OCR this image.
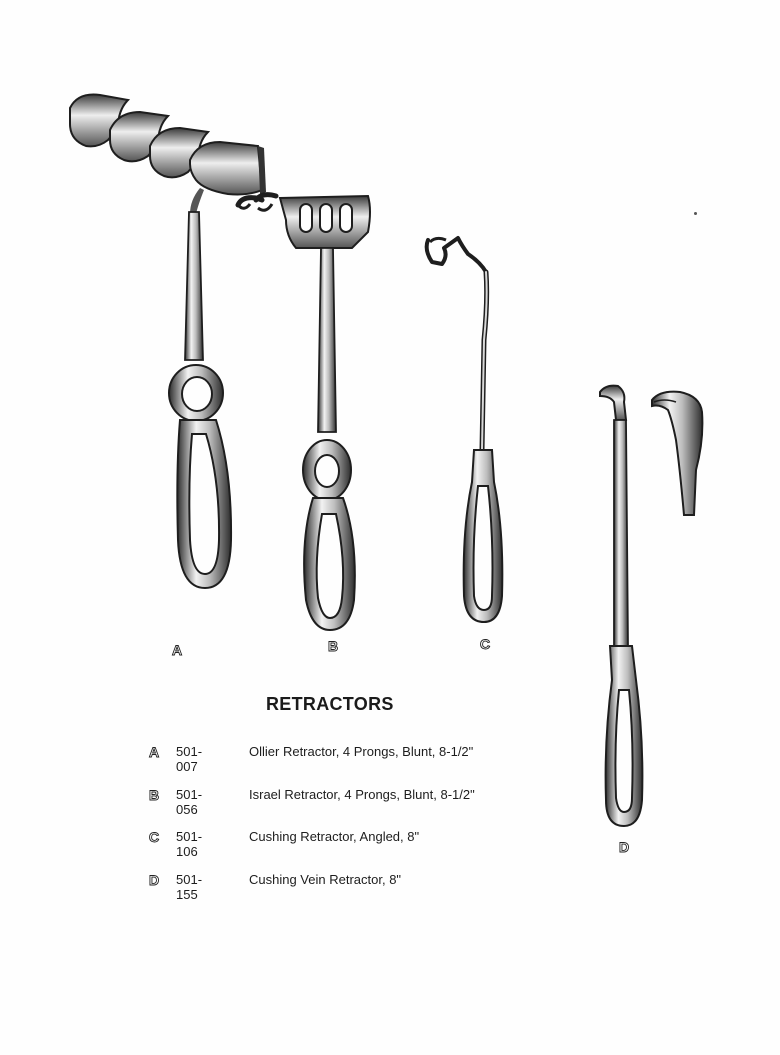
A	B	C
D
RETRACTORS
A 501-007
Ollier Retractor, 4 Prongs, Blunt, 8-1/2"
B 501-056
Israel Retractor, 4 Prongs, Blunt, 8-1/2"
C 501-106
Cushing Retractor, Angled, 8"
D 501-155
Cushing Vein Retractor, 8"
